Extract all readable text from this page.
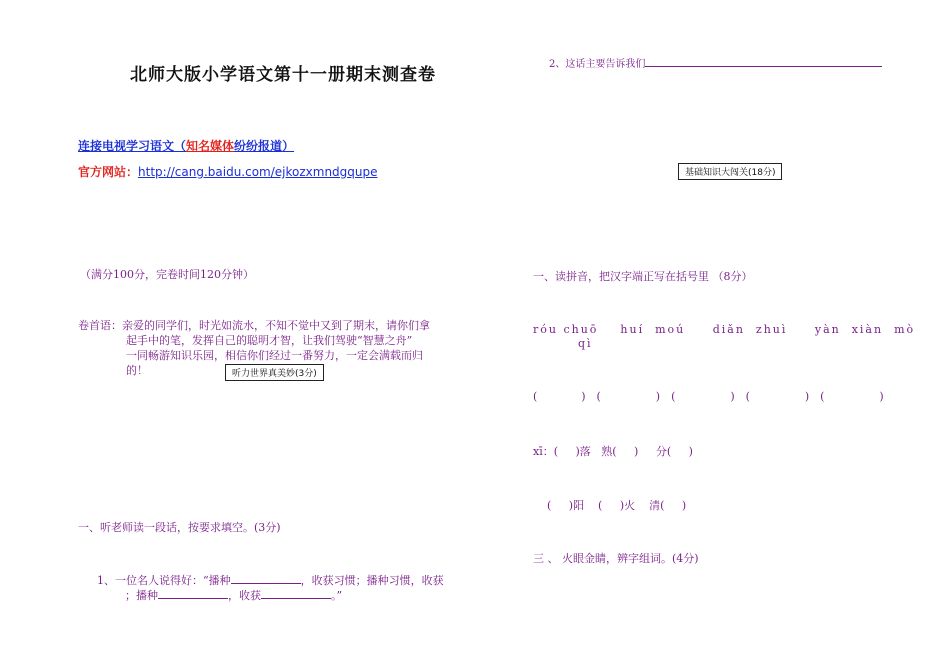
北师大版小学语文第十一册期末测查卷
连接电视学习语文（知名媒体纷纷报道）
官方网站：http://cang.baidu.com/ejkozxmndgqupe
（满分100分，完卷时间120分钟）
卷首语：亲爱的同学们，时光如流水，不知不觉中又到了期末，请你们拿
起手中的笔，发挥自己的聪明才智，让我们驾驶“智慧之舟”
一同畅游知识乐园，相信你们经过一番努力，一定会满载而归
的！	听力世界真美妙(3分)
基础知识大闯关(18分)
一、听老师读一段话，按要求填空。(3分)
1、一位名人说得好：“播种	，收获习惯；播种习惯，收获
；播种	，收获	。”
2、这话主要告诉我们
一、读拼音，把汉字端正写在括号里 （8分）
róu chuō    huí  moú     diǎn  zhuì     yàn  xiàn  mò
qì
(        )  (          )  (          )  (          )  (          )
xī：(     )落   熟(     )     分(     )
(     )阳    (     )火    清(     )
三 、 火眼金睛，辨字组词。(4分)
